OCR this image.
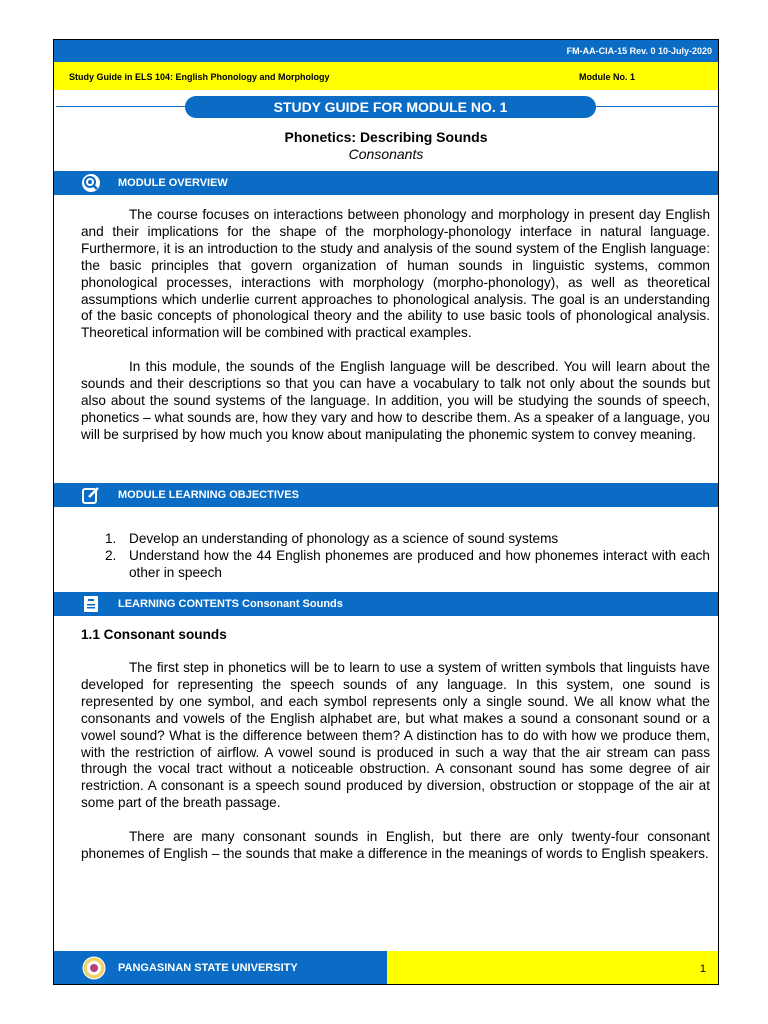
FM-AA-CIA-15 Rev. 0 10-July-2020
Study Guide in ELS 104: English Phonology and Morphology	Module No. 1
STUDY GUIDE FOR MODULE NO. 1
Phonetics: Describing Sounds
Consonants
MODULE OVERVIEW

The course focuses on interactions between phonology and morphology in present day English and their implications for the shape of the morphology-phonology interface in natural language. Furthermore, it is an introduction to the study and analysis of the sound system of the English language: the basic principles that govern organization of human sounds in linguistic systems, common phonological processes, interactions with morphology (morpho-phonology), as well as theoretical assumptions which underlie current approaches to phonological analysis. The goal is an understanding of the basic concepts of phonological theory and the ability to use basic tools of phonological analysis. Theoretical information will be combined with practical examples.

In this module, the sounds of the English language will be described. You will learn about the sounds and their descriptions so that you can have a vocabulary to talk not only about the sounds but also about the sound systems of the language. In addition, you will be studying the sounds of speech, phonetics – what sounds are, how they vary and how to describe them. As a speaker of a language, you will be surprised by how much you know about manipulating the phonemic system to convey meaning.

MODULE LEARNING OBJECTIVES
1. Develop an understanding of phonology as a science of sound systems
2. Understand how the 44 English phonemes are produced and how phonemes interact with each other in speech
LEARNING CONTENTS Consonant Sounds
1.1 Consonant sounds

The first step in phonetics will be to learn to use a system of written symbols that linguists have developed for representing the speech sounds of any language. In this system, one sound is represented by one symbol, and each symbol represents only a single sound. We all know what the consonants and vowels of the English alphabet are, but what makes a sound a consonant sound or a vowel sound? What is the difference between them? A distinction has to do with how we produce them, with the restriction of airflow. A vowel sound is produced in such a way that the air stream can pass through the vocal tract without a noticeable obstruction. A consonant sound has some degree of air restriction. A consonant is a speech sound produced by diversion, obstruction or stoppage of the air at some part of the breath passage.

There are many consonant sounds in English, but there are only twenty-four consonant phonemes of English – the sounds that make a difference in the meanings of words to English speakers.

PANGASINAN STATE UNIVERSITY	1
